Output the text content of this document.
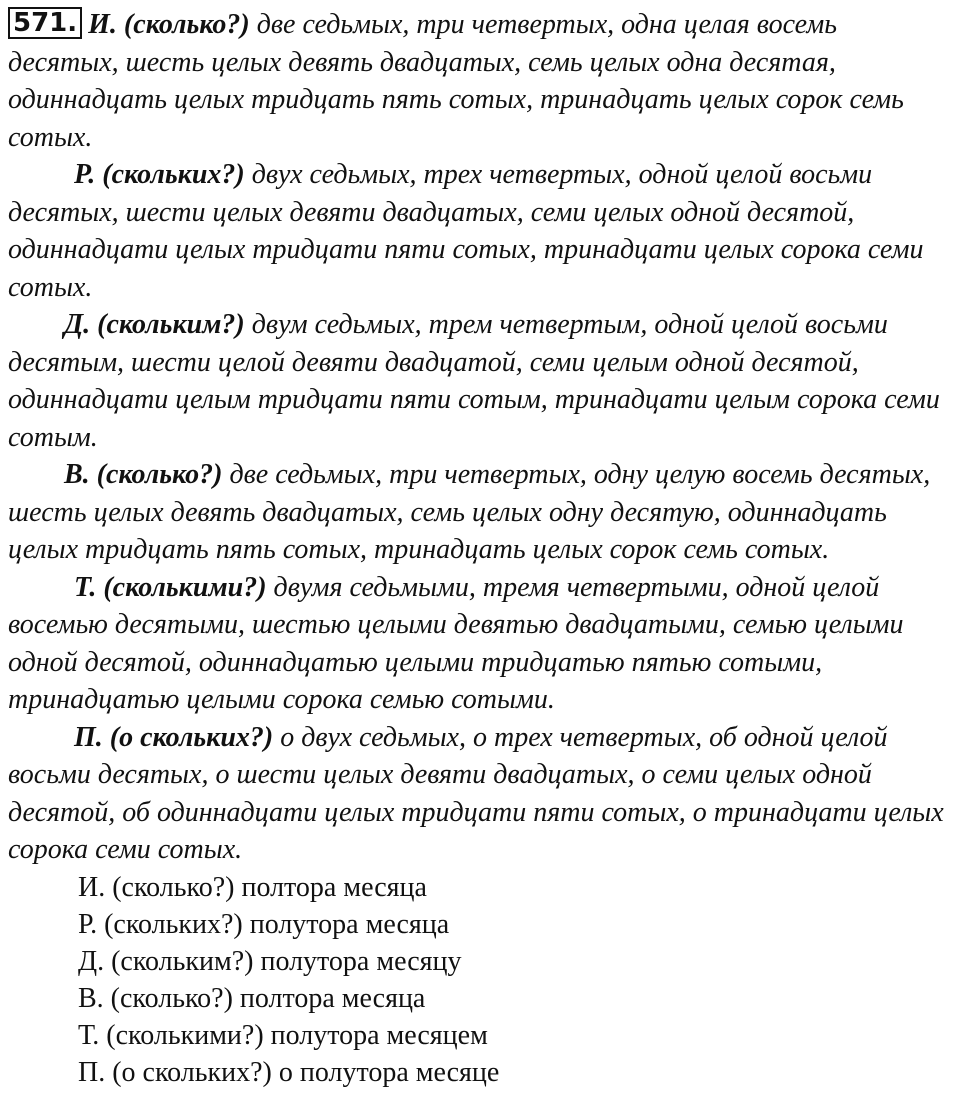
571. И. (сколько?) две седьмых, три четвертых, одна целая восемь десятых, шесть целых девять двадцатых, семь целых одна десятая, одиннадцать целых тридцать пять сотых, тринадцать целых сорок семь сотых.

Р. (скольких?) двух седьмых, трех четвертых, одной целой восьми десятых, шести целых девяти двадцатых, семи целых одной десятой, одиннадцати целых тридцати пяти сотых, тринадцати целых сорока семи сотых.

Д. (скольким?) двум седьмых, трем четвертым, одной целой восьми десятым, шести целой девяти двадцатой, семи целым одной десятой, одиннадцати целым тридцати пяти сотым, тринадцати целым сорока семи сотым.

В. (сколько?) две седьмых, три четвертых, одну целую восемь десятых, шесть целых девять двадцатых, семь целых одну десятую, одиннадцать целых тридцать пять сотых, тринадцать целых сорок семь сотых.

Т. (сколькими?) двумя седьмыми, тремя четвертыми, одной целой восемью десятыми, шестью целыми девятью двадцатыми, семью целыми одной десятой, одиннадцатью целыми тридцатью пятью сотыми, тринадцатью целыми сорока семью сотыми.

П. (о скольких?) о двух седьмых, о трех четвертых, об одной целой восьми десятых, о шести целых девяти двадцатых, о семи целых одной десятой, об одиннадцати целых тридцати пяти сотых, о тринадцати целых сорока семи сотых.

И. (сколько?) полтора месяца
Р. (скольких?) полутора месяца
Д. (скольким?) полутора месяцу
В. (сколько?) полтора месяца
Т. (сколькими?) полутора месяцем
П. (о скольких?) о полутора месяце
